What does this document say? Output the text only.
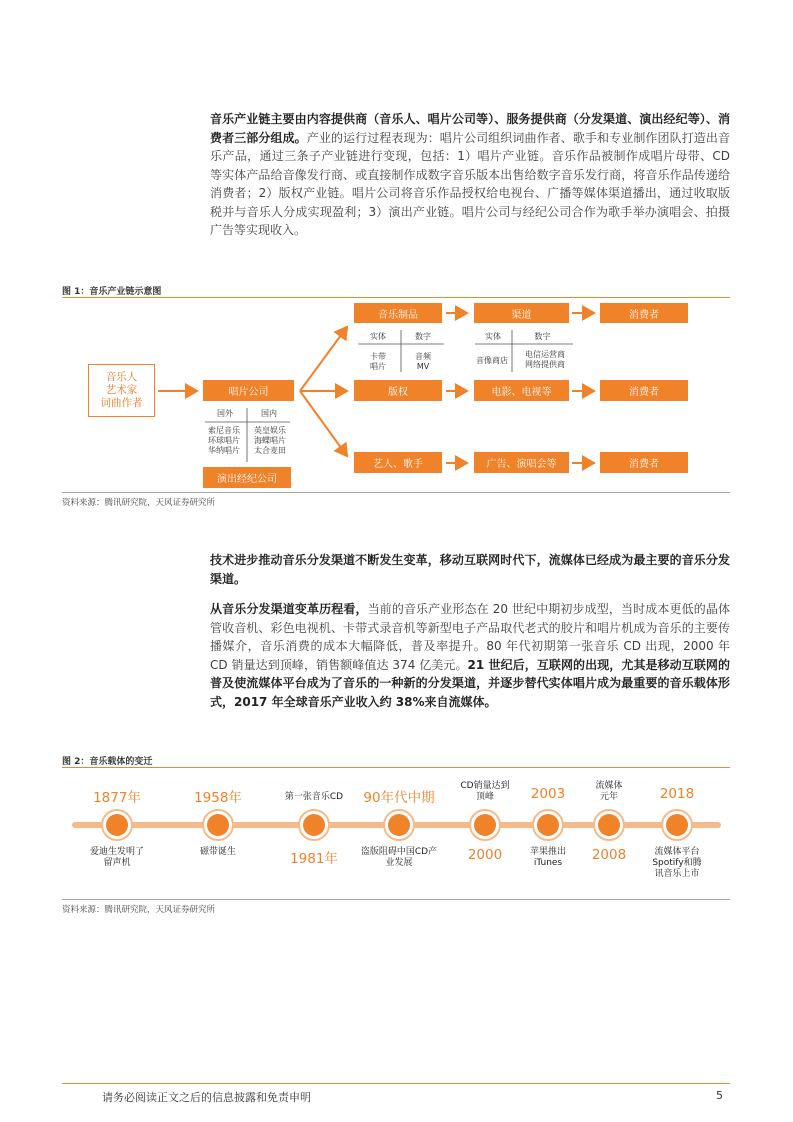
音乐产业链主要由内容提供商（音乐人、唱片公司等）、服务提供商（分发渠道、演出经纪等）、消费者三部分组成。产业的运行过程表现为：唱片公司组织词曲作者、歌手和专业制作团队打造出音乐产品，通过三条子产业链进行变现，包括：1）唱片产业链。音乐作品被制作成唱片母带、CD 等实体产品给音像发行商、或直接制作成数字音乐版本出售给数字音乐发行商，将音乐作品传递给消费者；2）版权产业链。唱片公司将音乐作品授权给电视台、广播等媒体渠道播出，通过收取版税并与音乐人分成实现盈利；3）演出产业链。唱片公司与经纪公司合作为歌手举办演唱会、拍摄广告等实现收入。
图 1：音乐产业链示意图
音乐人
艺术家
词曲作者
唱片公司
国外	国内
索尼音乐
环球唱片
华纳唱片
英皇娱乐
海蝶唱片
太合麦田
演出经纪公司
音乐制品
实体	数字
卡带
唱片
音频
MV
渠道
实体	数字
音像商店
电信运营商
网络提供商
消费者
版权	电影、电视等	消费者
艺人、歌手	广告、演唱会等	消费者
资料来源：腾讯研究院，天风证券研究所
技术进步推动音乐分发渠道不断发生变革，移动互联网时代下，流媒体已经成为最主要的音乐分发渠道。
从音乐分发渠道变革历程看，当前的音乐产业形态在 20 世纪中期初步成型，当时成本更低的晶体管收音机、彩色电视机、卡带式录音机等新型电子产品取代老式的胶片和唱片机成为音乐的主要传播媒介，音乐消费的成本大幅降低，普及率提升。80 年代初期第一张音乐 CD 出现，2000 年 CD 销量达到顶峰，销售额峰值达 374 亿美元。21 世纪后，互联网的出现，尤其是移动互联网的普及使流媒体平台成为了音乐的一种新的分发渠道，并逐步替代实体唱片成为最重要的音乐载体形式，2017 年全球音乐产业收入约 38%来自流媒体。
图 2：音乐载体的变迁
1877年
爱迪生发明了
留声机
1958年
磁带诞生
第一张音乐CD
1981年
90年代中期
盗版阻碍中国CD产
业发展
CD销量达到
顶峰
2000
2003
苹果推出
iTunes
流媒体
元年
2008
2018
流媒体平台
Spotify和腾
讯音乐上市
资料来源：腾讯研究院，天风证券研究所
请务必阅读正文之后的信息披露和免责申明	5
